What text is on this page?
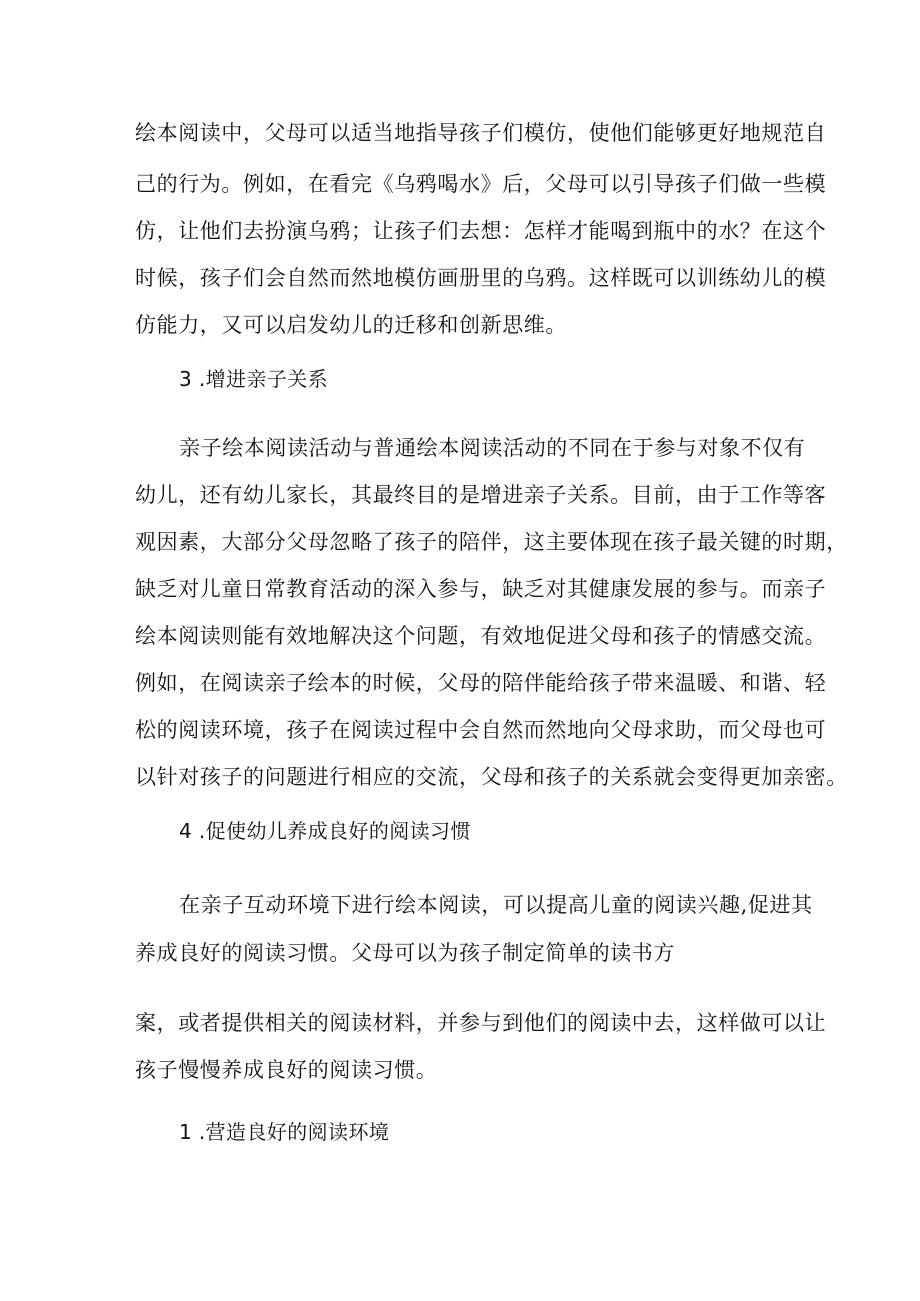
绘本阅读中，父母可以适当地指导孩子们模仿，使他们能够更好地规范自
己的行为。例如，在看完《乌鸦喝水》后，父母可以引导孩子们做一些模
仿，让他们去扮演乌鸦；让孩子们去想：怎样才能喝到瓶中的水？在这个
时候，孩子们会自然而然地模仿画册里的乌鸦。这样既可以训练幼儿的模
仿能力，又可以启发幼儿的迁移和创新思维。
3 .增进亲子关系
亲子绘本阅读活动与普通绘本阅读活动的不同在于参与对象不仅有
幼儿，还有幼儿家长，其最终目的是增进亲子关系。目前，由于工作等客
观因素，大部分父母忽略了孩子的陪伴，这主要体现在孩子最关键的时期，
缺乏对儿童日常教育活动的深入参与，缺乏对其健康发展的参与。而亲子
绘本阅读则能有效地解决这个问题，有效地促进父母和孩子的情感交流。
例如，在阅读亲子绘本的时候，父母的陪伴能给孩子带来温暖、和谐、轻
松的阅读环境，孩子在阅读过程中会自然而然地向父母求助，而父母也可
以针对孩子的问题进行相应的交流，父母和孩子的关系就会变得更加亲密。
4 .促使幼儿养成良好的阅读习惯
在亲子互动环境下进行绘本阅读，可以提高儿童的阅读兴趣,促进其
养成良好的阅读习惯。父母可以为孩子制定简单的读书方
案，或者提供相关的阅读材料，并参与到他们的阅读中去，这样做可以让
孩子慢慢养成良好的阅读习惯。
1 .营造良好的阅读环境
